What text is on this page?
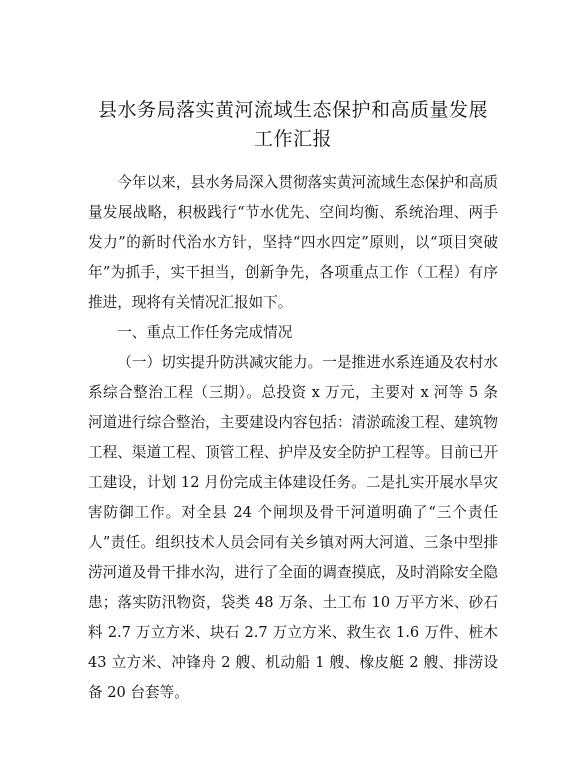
县水务局落实黄河流域生态保护和高质量发展
工作汇报

今年以来，县水务局深入贯彻落实黄河流域生态保护和高质量发展战略，积极践行“节水优先、空间均衡、系统治理、两手发力”的新时代治水方针，坚持“四水四定”原则，以“项目突破年”为抓手，实干担当，创新争先，各项重点工作（工程）有序推进，现将有关情况汇报如下。

一、重点工作任务完成情况

（一）切实提升防洪减灾能力。一是推进水系连通及农村水系综合整治工程（三期）。总投资 x 万元，主要对 x 河等 5 条河道进行综合整治，主要建设内容包括：清淤疏浚工程、建筑物工程、渠道工程、顶管工程、护岸及安全防护工程等。目前已开工建设，计划 12 月份完成主体建设任务。二是扎实开展水旱灾害防御工作。对全县 24 个闸坝及骨干河道明确了“三个责任人”责任。组织技术人员会同有关乡镇对两大河道、三条中型排涝河道及骨干排水沟，进行了全面的调查摸底，及时消除安全隐患；落实防汛物资，袋类 48 万条、土工布 10 万平方米、砂石料 2.7 万立方米、块石 2.7 万立方米、救生衣 1.6 万件、桩木 43 立方米、冲锋舟 2 艘、机动船 1 艘、橡皮艇 2 艘、排涝设备 20 台套等。
